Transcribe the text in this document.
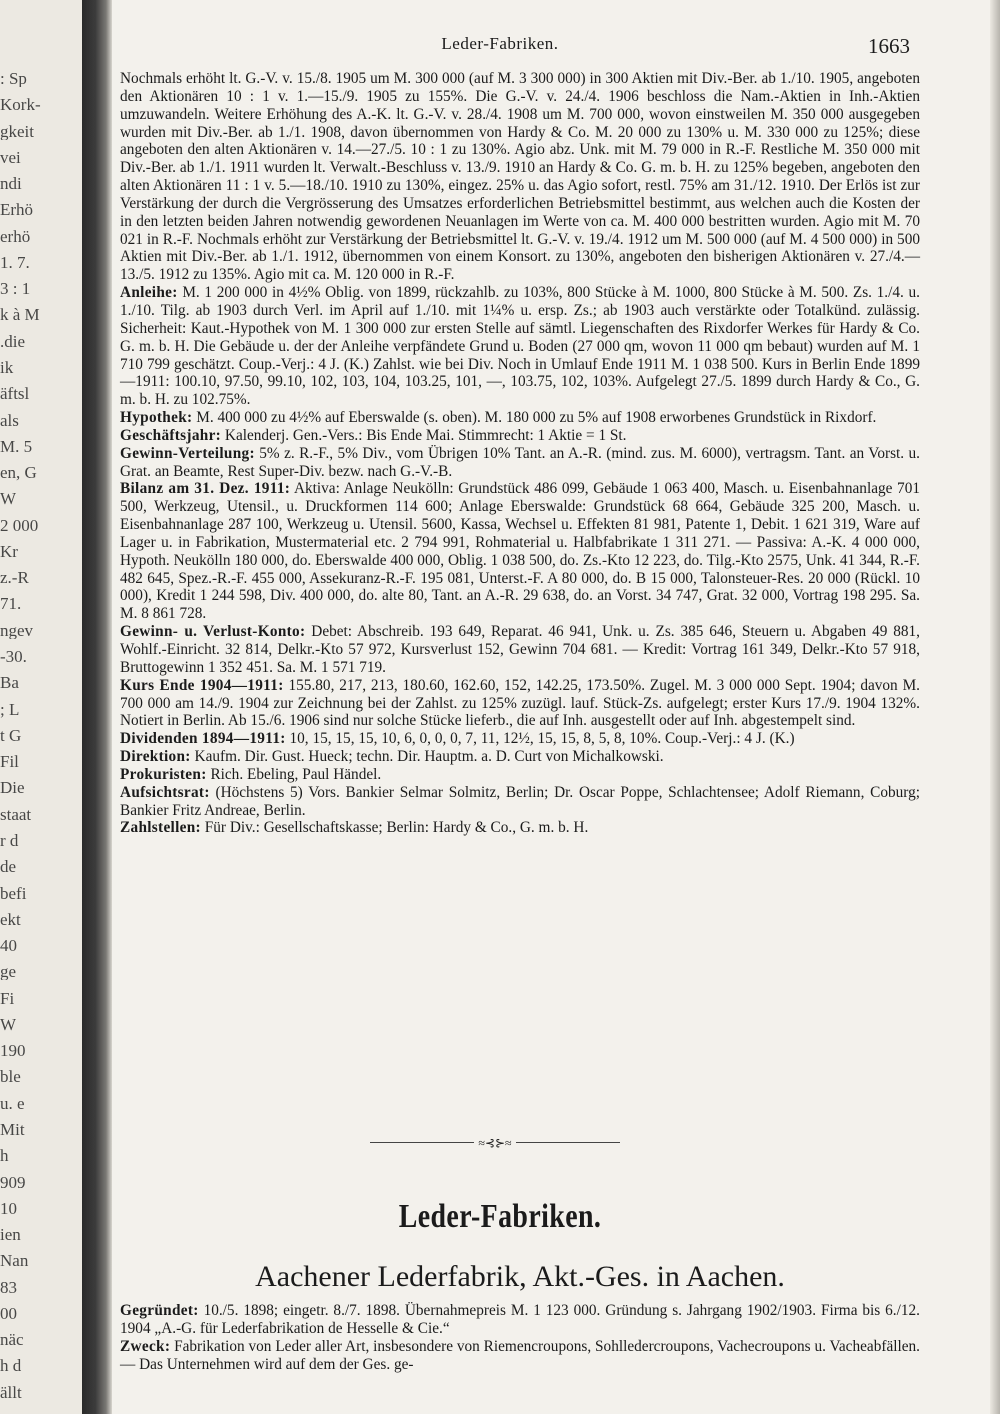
: Sp
Kork-
gkeit
vei
ndi
Erhö
erhö
1. 7.
3 : 1
k à M
.die
ik
äftsl
als
M. 5
en, G
W
2 000
Kr
z.-R
71.
ngev
-30.
Ba
; L
t G
Fil
Die
staat
r d
de
befi
ekt
40
ge
Fi
W
190
ble
u. e
Mit
h
909
10
ien
Nan
83
00
näc
h d
ällt
Leder-Fabriken.	1663

Nochmals erhöht lt. G.-V. v. 15./8. 1905 um M. 300 000 (auf M. 3 300 000) in 300 Aktien mit Div.-Ber. ab 1./10. 1905, angeboten den Aktionären 10 : 1 v. 1.—15./9. 1905 zu 155%. Die G.-V. v. 24./4. 1906 beschloss die Nam.-Aktien in Inh.-Aktien umzuwandeln. Weitere Erhöhung des A.-K. lt. G.-V. v. 28./4. 1908 um M. 700 000, wovon einstweilen M. 350 000 ausgegeben wurden mit Div.-Ber. ab 1./1. 1908, davon übernommen von Hardy & Co. M. 20 000 zu 130% u. M. 330 000 zu 125%; diese angeboten den alten Aktionären v. 14.—27./5. 10 : 1 zu 130%. Agio abz. Unk. mit M. 79 000 in R.-F. Restliche M. 350 000 mit Div.-Ber. ab 1./1. 1911 wurden lt. Verwalt.-Beschluss v. 13./9. 1910 an Hardy & Co. G. m. b. H. zu 125% begeben, angeboten den alten Aktionären 11 : 1 v. 5.—18./10. 1910 zu 130%, eingez. 25% u. das Agio sofort, restl. 75% am 31./12. 1910. Der Erlös ist zur Verstärkung der durch die Vergrösserung des Umsatzes erforderlichen Betriebsmittel bestimmt, aus welchen auch die Kosten der in den letzten beiden Jahren notwendig gewordenen Neuanlagen im Werte von ca. M. 400 000 bestritten wurden. Agio mit M. 70 021 in R.-F. Nochmals erhöht zur Verstärkung der Betriebsmittel lt. G.-V. v. 19./4. 1912 um M. 500 000 (auf M. 4 500 000) in 500 Aktien mit Div.-Ber. ab 1./1. 1912, übernommen von einem Konsort. zu 130%, angeboten den bisherigen Aktionären v. 27./4.—13./5. 1912 zu 135%. Agio mit ca. M. 120 000 in R.-F.

Anleihe: M. 1 200 000 in 4½% Oblig. von 1899, rückzahlb. zu 103%, 800 Stücke à M. 1000, 800 Stücke à M. 500. Zs. 1./4. u. 1./10. Tilg. ab 1903 durch Verl. im April auf 1./10. mit 1¼% u. ersp. Zs.; ab 1903 auch verstärkte oder Totalkünd. zulässig. Sicherheit: Kaut.-Hypothek von M. 1 300 000 zur ersten Stelle auf sämtl. Liegenschaften des Rixdorfer Werkes für Hardy & Co. G. m. b. H. Die Gebäude u. der der Anleihe verpfändete Grund u. Boden (27 000 qm, wovon 11 000 qm bebaut) wurden auf M. 1 710 799 geschätzt. Coup.-Verj.: 4 J. (K.) Zahlst. wie bei Div. Noch in Umlauf Ende 1911 M. 1 038 500. Kurs in Berlin Ende 1899—1911: 100.10, 97.50, 99.10, 102, 103, 104, 103.25, 101, —, 103.75, 102, 103%. Aufgelegt 27./5. 1899 durch Hardy & Co., G. m. b. H. zu 102.75%.

Hypothek: M. 400 000 zu 4½% auf Eberswalde (s. oben). M. 180 000 zu 5% auf 1908 erworbenes Grundstück in Rixdorf.

Geschäftsjahr: Kalenderj. Gen.-Vers.: Bis Ende Mai. Stimmrecht: 1 Aktie = 1 St.

Gewinn-Verteilung: 5% z. R.-F., 5% Div., vom Übrigen 10% Tant. an A.-R. (mind. zus. M. 6000), vertragsm. Tant. an Vorst. u. Grat. an Beamte, Rest Super-Div. bezw. nach G.-V.-B.

Bilanz am 31. Dez. 1911: Aktiva: Anlage Neukölln: Grundstück 486 099, Gebäude 1 063 400, Masch. u. Eisenbahnanlage 701 500, Werkzeug, Utensil., u. Druckformen 114 600; Anlage Eberswalde: Grundstück 68 664, Gebäude 325 200, Masch. u. Eisenbahnanlage 287 100, Werkzeug u. Utensil. 5600, Kassa, Wechsel u. Effekten 81 981, Patente 1, Debit. 1 621 319, Ware auf Lager u. in Fabrikation, Mustermaterial etc. 2 794 991, Rohmaterial u. Halbfabrikate 1 311 271. — Passiva: A.-K. 4 000 000, Hypoth. Neukölln 180 000, do. Eberswalde 400 000, Oblig. 1 038 500, do. Zs.-Kto 12 223, do. Tilg.-Kto 2575, Unk. 41 344, R.-F. 482 645, Spez.-R.-F. 455 000, Assekuranz-R.-F. 195 081, Unterst.-F. A 80 000, do. B 15 000, Talonsteuer-Res. 20 000 (Rückl. 10 000), Kredit 1 244 598, Div. 400 000, do. alte 80, Tant. an A.-R. 29 638, do. an Vorst. 34 747, Grat. 32 000, Vortrag 198 295. Sa. M. 8 861 728.

Gewinn- u. Verlust-Konto: Debet: Abschreib. 193 649, Reparat. 46 941, Unk. u. Zs. 385 646, Steuern u. Abgaben 49 881, Wohlf.-Einricht. 32 814, Delkr.-Kto 57 972, Kursverlust 152, Gewinn 704 681. — Kredit: Vortrag 161 349, Delkr.-Kto 57 918, Bruttogewinn 1 352 451. Sa. M. 1 571 719.

Kurs Ende 1904—1911: 155.80, 217, 213, 180.60, 162.60, 152, 142.25, 173.50%. Zugel. M. 3 000 000 Sept. 1904; davon M. 700 000 am 14./9. 1904 zur Zeichnung bei der Zahlst. zu 125% zuzügl. lauf. Stück-Zs. aufgelegt; erster Kurs 17./9. 1904 132%. Notiert in Berlin. Ab 15./6. 1906 sind nur solche Stücke lieferb., die auf Inh. ausgestellt oder auf Inh. abgestempelt sind.

Dividenden 1894—1911: 10, 15, 15, 15, 10, 6, 0, 0, 0, 7, 11, 12½, 15, 15, 8, 5, 8, 10%. Coup.-Verj.: 4 J. (K.)

Direktion: Kaufm. Dir. Gust. Hueck; techn. Dir. Hauptm. a. D. Curt von Michalkowski.

Prokuristen: Rich. Ebeling, Paul Händel.

Aufsichtsrat: (Höchstens 5) Vors. Bankier Selmar Solmitz, Berlin; Dr. Oscar Poppe, Schlachtensee; Adolf Riemann, Coburg; Bankier Fritz Andreae, Berlin.

Zahlstellen: Für Div.: Gesellschaftskasse; Berlin: Hardy & Co., G. m. b. H.

≈⊰⊱≈
Leder-Fabriken.
Aachener Lederfabrik, Akt.-Ges. in Aachen.

Gegründet: 10./5. 1898; eingetr. 8./7. 1898. Übernahmepreis M. 1 123 000. Gründung s. Jahrgang 1902/1903. Firma bis 6./12. 1904 „A.-G. für Lederfabrikation de Hesselle & Cie.“

Zweck: Fabrikation von Leder aller Art, insbesondere von Riemencroupons, Sohlledercroupons, Vachecroupons u. Vacheabfällen. — Das Unternehmen wird auf dem der Ges. ge-
